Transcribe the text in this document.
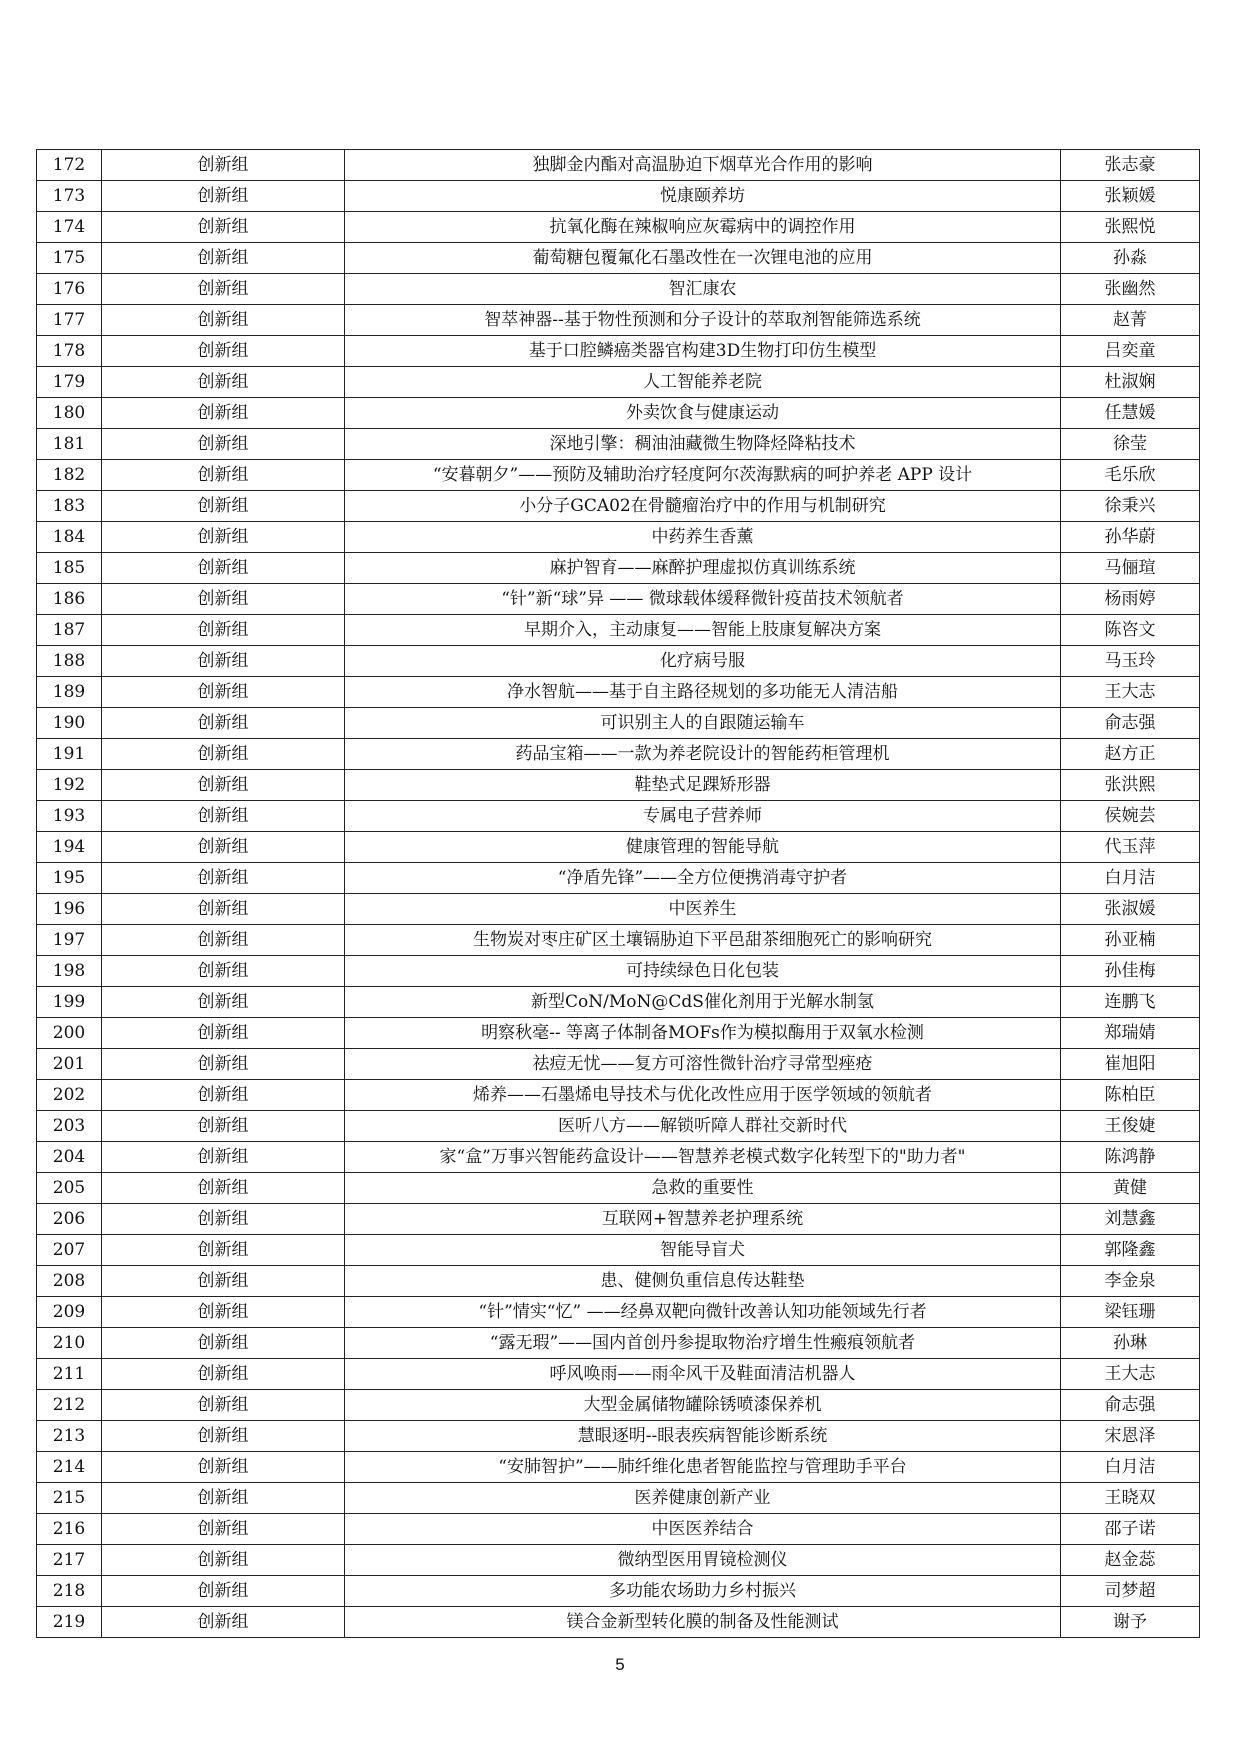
172	创新组	独脚金内酯对高温胁迫下烟草光合作用的影响	张志豪
173	创新组	悦康颐养坊	张颖媛
174	创新组	抗氧化酶在辣椒响应灰霉病中的调控作用	张熙悦
175	创新组	葡萄糖包覆氟化石墨改性在一次锂电池的应用	孙淼
176	创新组	智汇康农	张幽然
177	创新组	智萃神器--基于物性预测和分子设计的萃取剂智能筛选系统	赵菁
178	创新组	基于口腔鳞癌类器官构建3D生物打印仿生模型	吕奕童
179	创新组	人工智能养老院	杜淑娴
180	创新组	外卖饮食与健康运动	任慧媛
181	创新组	深地引擎：稠油油藏微生物降烃降粘技术	徐莹
182	创新组	“安暮朝夕”——预防及辅助治疗轻度阿尔茨海默病的呵护养老 APP 设计	毛乐欣
183	创新组	小分子GCA02在骨髓瘤治疗中的作用与机制研究	徐秉兴
184	创新组	中药养生香薰	孙华蔚
185	创新组	麻护智育——麻醉护理虚拟仿真训练系统	马俪瑄
186	创新组	“针”新“球”异 —— 微球载体缓释微针疫苗技术领航者	杨雨婷
187	创新组	早期介入，主动康复——智能上肢康复解决方案	陈咨文
188	创新组	化疗病号服	马玉玲
189	创新组	净水智航——基于自主路径规划的多功能无人清洁船	王大志
190	创新组	可识别主人的自跟随运输车	俞志强
191	创新组	药品宝箱——一款为养老院设计的智能药柜管理机	赵方正
192	创新组	鞋垫式足踝矫形器	张洪熙
193	创新组	专属电子营养师	侯婉芸
194	创新组	健康管理的智能导航	代玉萍
195	创新组	“净盾先锋”——全方位便携消毒守护者	白月洁
196	创新组	中医养生	张淑媛
197	创新组	生物炭对枣庄矿区土壤镉胁迫下平邑甜茶细胞死亡的影响研究	孙亚楠
198	创新组	可持续绿色日化包装	孙佳梅
199	创新组	新型CoN/MoN@CdS催化剂用于光解水制氢	连鹏飞
200	创新组	明察秋毫-- 等离子体制备MOFs作为模拟酶用于双氧水检测	郑瑞婧
201	创新组	祛痘无忧——复方可溶性微针治疗寻常型痤疮	崔旭阳
202	创新组	烯养——石墨烯电导技术与优化改性应用于医学领域的领航者	陈柏臣
203	创新组	医听八方——解锁听障人群社交新时代	王俊婕
204	创新组	家“盒”万事兴智能药盒设计——智慧养老模式数字化转型下的"助力者"	陈鸿静
205	创新组	急救的重要性	黄健
206	创新组	互联网+智慧养老护理系统	刘慧鑫
207	创新组	智能导盲犬	郭隆鑫
208	创新组	患、健侧负重信息传达鞋垫	李金泉
209	创新组	“针”情实“忆” ——经鼻双靶向微针改善认知功能领域先行者	梁钰珊
210	创新组	“露无瑕”——国内首创丹参提取物治疗增生性瘢痕领航者	孙琳
211	创新组	呼风唤雨——雨伞风干及鞋面清洁机器人	王大志
212	创新组	大型金属储物罐除锈喷漆保养机	俞志强
213	创新组	慧眼逐明--眼表疾病智能诊断系统	宋恩泽
214	创新组	“安肺智护”——肺纤维化患者智能监控与管理助手平台	白月洁
215	创新组	医养健康创新产业	王晓双
216	创新组	中医医养结合	邵子诺
217	创新组	微纳型医用胃镜检测仪	赵金蕊
218	创新组	多功能农场助力乡村振兴	司梦超
219	创新组	镁合金新型转化膜的制备及性能测试	谢予
5
